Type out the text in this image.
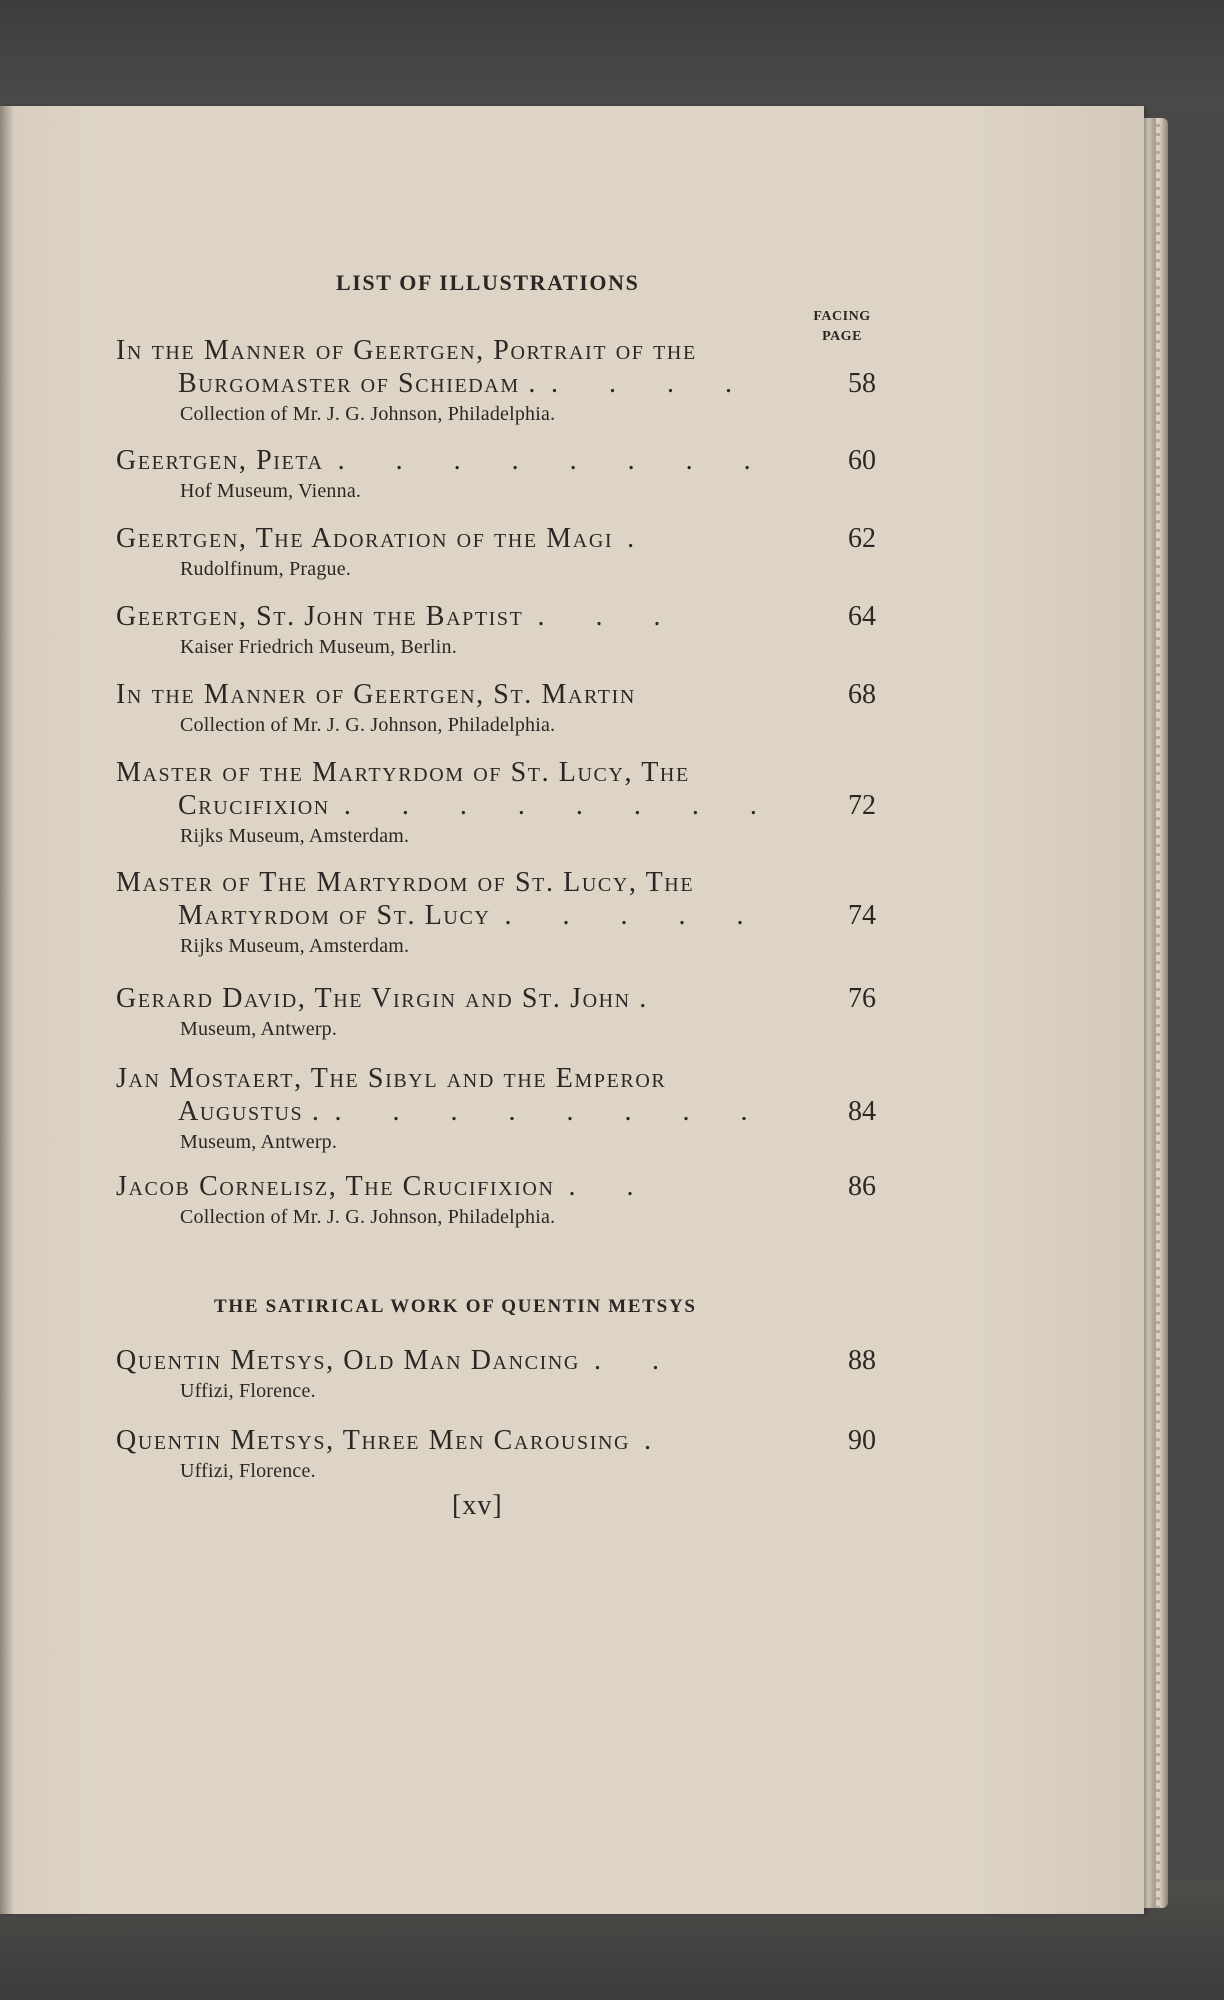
LIST OF ILLUSTRATIONS
FACING
PAGE
In the Manner of Geertgen, Portrait of the
Burgomaster of Schiedam . . . . .	58
Collection of Mr. J. G. Johnson, Philadelphia.
Geertgen, Pieta . . . . . . . .	60
Hof Museum, Vienna.
Geertgen, The Adoration of the Magi .	62
Rudolfinum, Prague.
Geertgen, St. John the Baptist . . .	64
Kaiser Friedrich Museum, Berlin.
In the Manner of Geertgen, St. Martin	68
Collection of Mr. J. G. Johnson, Philadelphia.
Master of the Martyrdom of St. Lucy, The
Crucifixion . . . . . . . . 72
Rijks Museum, Amsterdam.
Master of The Martyrdom of St. Lucy, The
Martyrdom of St. Lucy . . . . .	74
Rijks Museum, Amsterdam.
Gerard David, The Virgin and St. John .	76
Museum, Antwerp.
Jan Mostaert, The Sibyl and the Emperor
Augustus . . . . . . . . .	84
Museum, Antwerp.
Jacob Cornelisz, The Crucifixion . .	86
Collection of Mr. J. G. Johnson, Philadelphia.
THE SATIRICAL WORK OF QUENTIN METSYS
Quentin Metsys, Old Man Dancing . .	88
Uffizi, Florence.
Quentin Metsys, Three Men Carousing .	90
Uffizi, Florence.
[xv]
